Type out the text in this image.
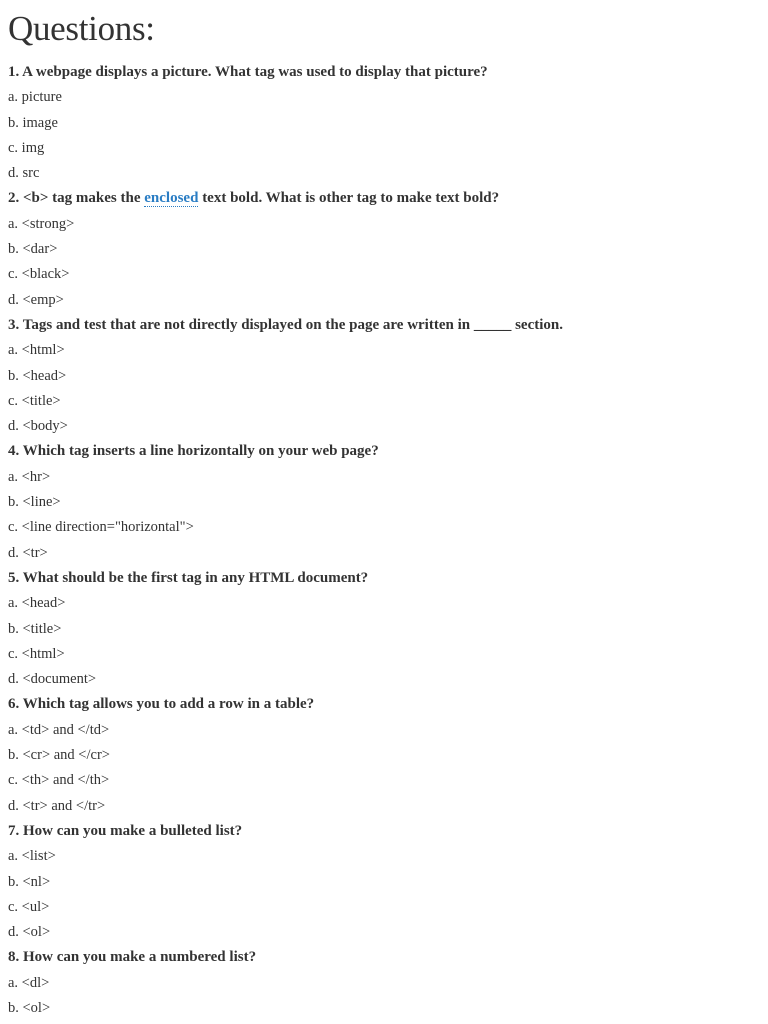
Questions:
1. A webpage displays a picture. What tag was used to display that picture?
a. picture
b. image
c. img
d. src
2. <b> tag makes the enclosed text bold. What is other tag to make text bold?
a. <strong>
b. <dar>
c. <black>
d. <emp>
3. Tags and test that are not directly displayed on the page are written in _____ section.
a. <html>
b. <head>
c. <title>
d. <body>
4. Which tag inserts a line horizontally on your web page?
a. <hr>
b. <line>
c. <line direction="horizontal">
d. <tr>
5. What should be the first tag in any HTML document?
a. <head>
b. <title>
c. <html>
d. <document>
6. Which tag allows you to add a row in a table?
a. <td> and </td>
b. <cr> and </cr>
c. <th> and </th>
d. <tr> and </tr>
7. How can you make a bulleted list?
a. <list>
b. <nl>
c. <ul>
d. <ol>
8. How can you make a numbered list?
a. <dl>
b. <ol>
